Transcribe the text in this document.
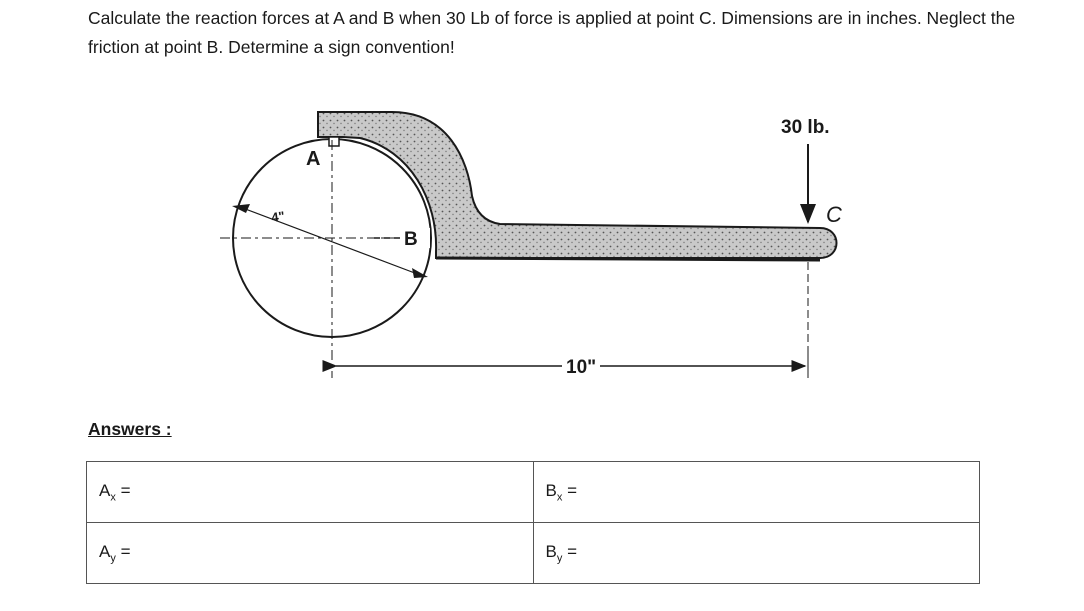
Calculate the reaction forces at A and B when 30 Lb of force is applied at point C. Dimensions are in inches. Neglect the friction at point B. Determine a sign convention!

4"
10"
30 lb.
A
B
C

Answers :

$A_x$ =	$B_x$ =
$A_y$ =	$B_y$ =
